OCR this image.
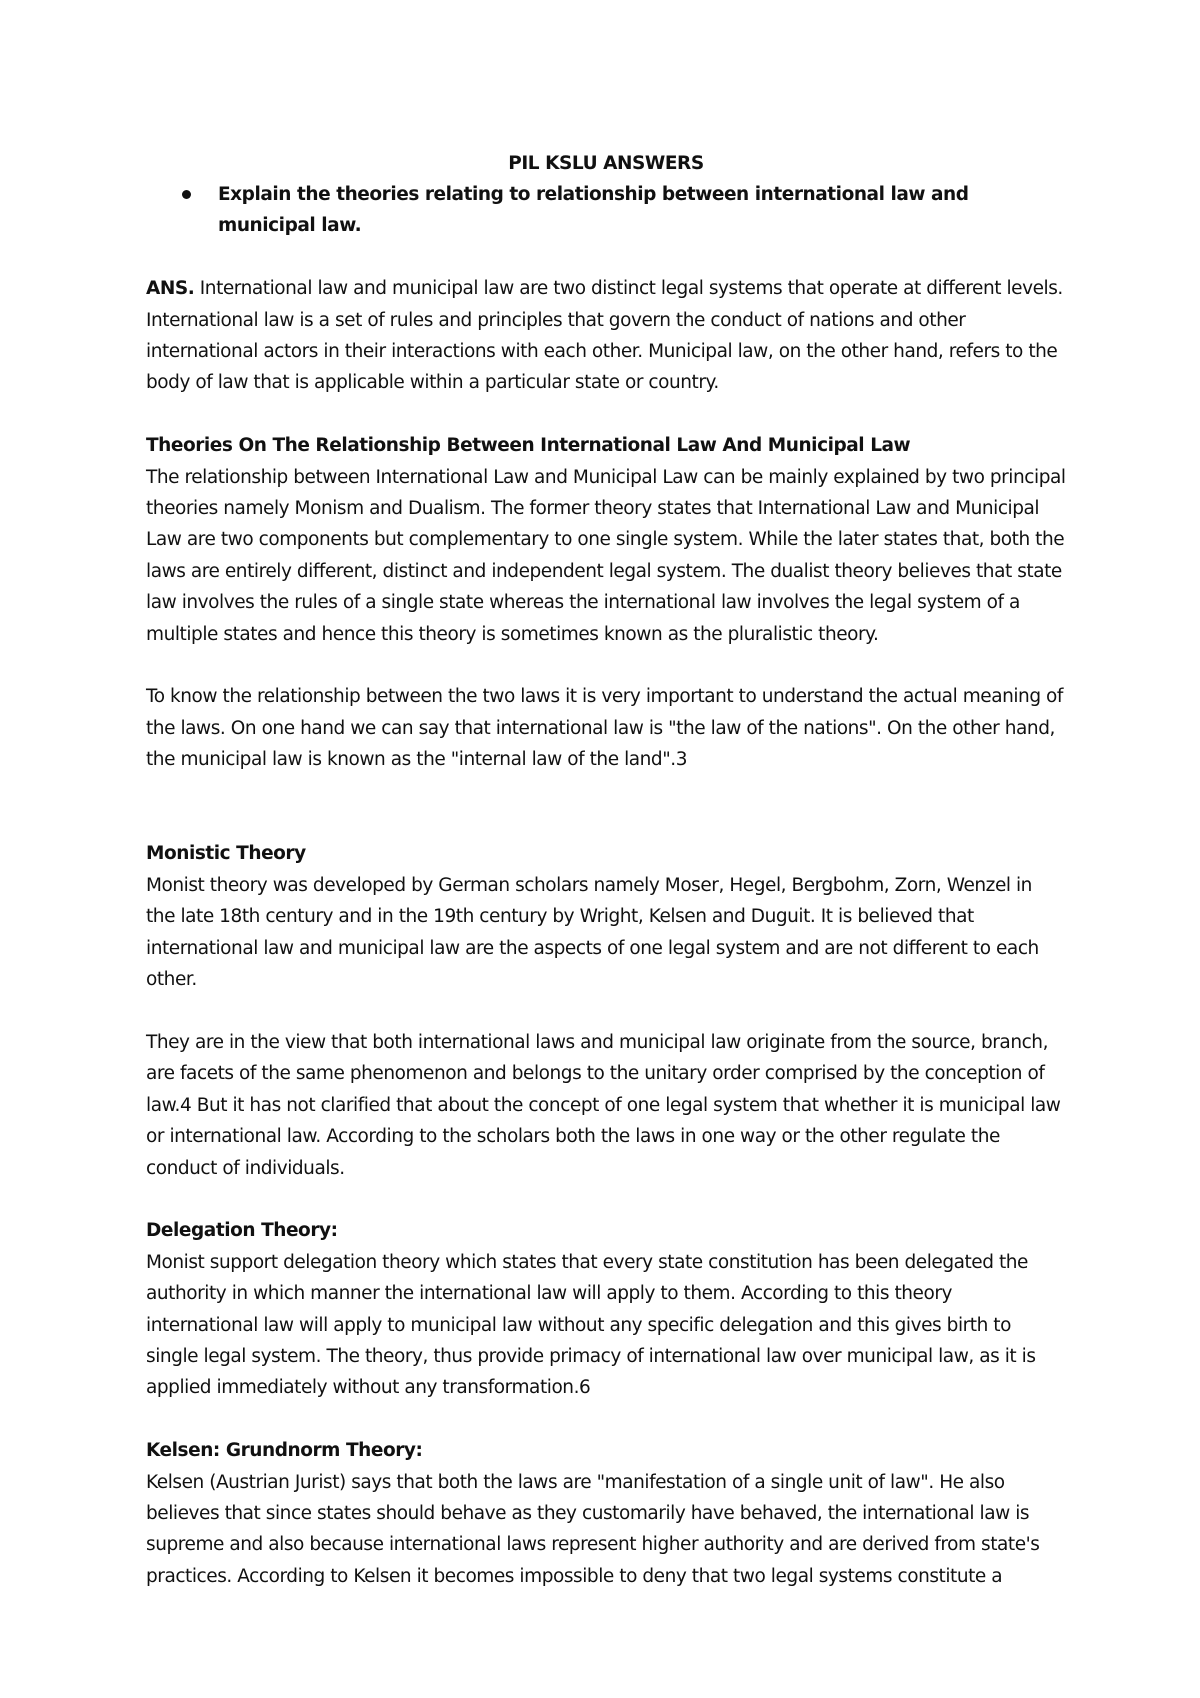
PIL KSLU ANSWERS

Explain the theories relating to relationship between international law and municipal law.

ANS. International law and municipal law are two distinct legal systems that operate at different levels. International law is a set of rules and principles that govern the conduct of nations and other international actors in their interactions with each other. Municipal law, on the other hand, refers to the body of law that is applicable within a particular state or country.

Theories On The Relationship Between International Law And Municipal Law

The relationship between International Law and Municipal Law can be mainly explained by two principal theories namely Monism and Dualism. The former theory states that International Law and Municipal Law are two components but complementary to one single system. While the later states that, both the laws are entirely different, distinct and independent legal system. The dualist theory believes that state law involves the rules of a single state whereas the international law involves the legal system of a multiple states and hence this theory is sometimes known as the pluralistic theory.

To know the relationship between the two laws it is very important to understand the actual meaning of the laws. On one hand we can say that international law is "the law of the nations". On the other hand, the municipal law is known as the "internal law of the land".3

Monistic Theory

Monist theory was developed by German scholars namely Moser, Hegel, Bergbohm, Zorn, Wenzel in the late 18th century and in the 19th century by Wright, Kelsen and Duguit. It is believed that international law and municipal law are the aspects of one legal system and are not different to each other.

They are in the view that both international laws and municipal law originate from the source, branch, are facets of the same phenomenon and belongs to the unitary order comprised by the conception of law.4 But it has not clarified that about the concept of one legal system that whether it is municipal law or international law. According to the scholars both the laws in one way or the other regulate the conduct of individuals.

Delegation Theory:

Monist support delegation theory which states that every state constitution has been delegated the authority in which manner the international law will apply to them. According to this theory international law will apply to municipal law without any specific delegation and this gives birth to single legal system. The theory, thus provide primacy of international law over municipal law, as it is applied immediately without any transformation.6

Kelsen: Grundnorm Theory:

Kelsen (Austrian Jurist) says that both the laws are "manifestation of a single unit of law". He also believes that since states should behave as they customarily have behaved, the international law is supreme and also because international laws represent higher authority and are derived from state's practices. According to Kelsen it becomes impossible to deny that two legal systems constitute a
